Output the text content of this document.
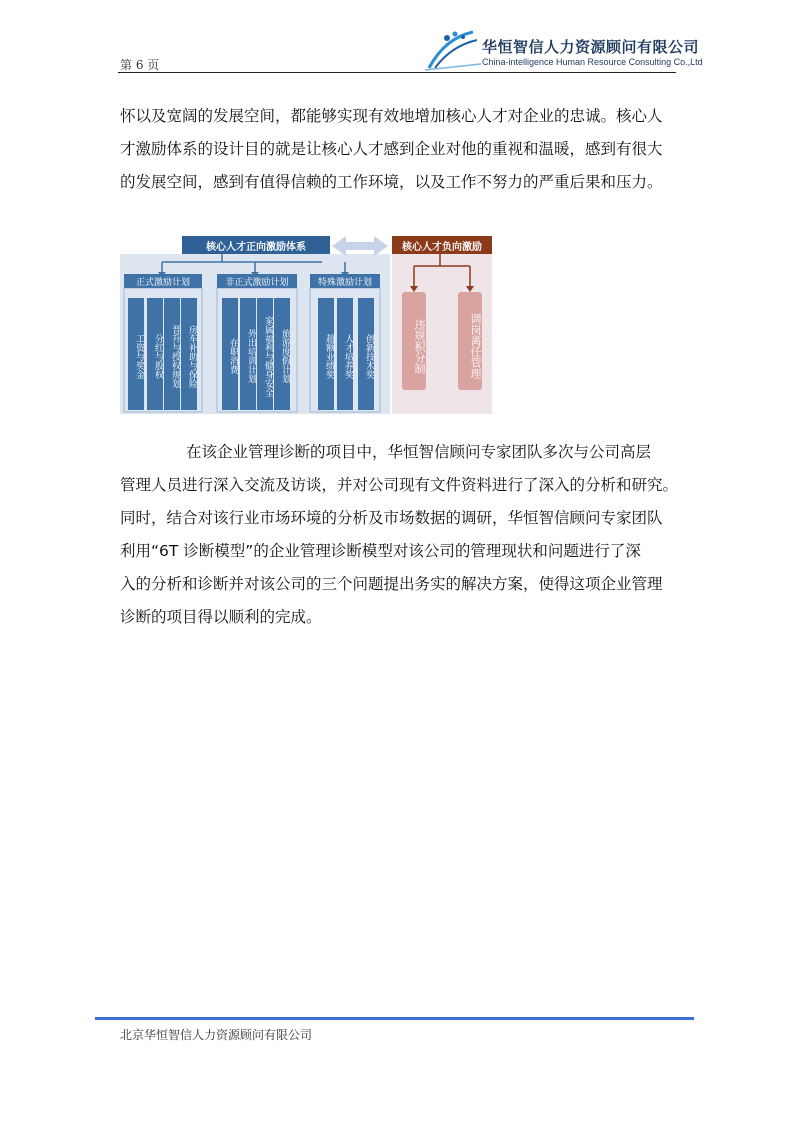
第 6 页
华恒智信人力资源顾问有限公司
China-intelligence Human Resource Consulting Co.,Ltd

怀以及宽阔的发展空间，都能够实现有效地增加核心人才对企业的忠诚。核心人

才激励体系的设计目的就是让核心人才感到企业对他的重视和温暖，感到有很大

的发展空间，感到有值得信赖的工作环境，以及工作不努力的严重后果和压力。

核心人才正向激励体系	核心人才负向激励
正式激励计划	非正式激励计划	特殊激励计划
工资与奖金	分红与股权 晋升与授权规划 房车补助与保险	在职消费 外出培训计划 家属福利与健身安全 旅游度假计划	超额业绩奖	人才培养奖	创新技术奖	违规积分制	调岗离任管理

在该企业管理诊断的项目中，华恒智信顾问专家团队多次与公司高层

管理人员进行深入交流及访谈，并对公司现有文件资料进行了深入的分析和研究。

同时，结合对该行业市场环境的分析及市场数据的调研，华恒智信顾问专家团队

利用“6T 诊断模型”的企业管理诊断模型对该公司的管理现状和问题进行了深

入的分析和诊断并对该公司的三个问题提出务实的解决方案，使得这项企业管理

诊断的项目得以顺利的完成。

北京华恒智信人力资源顾问有限公司
